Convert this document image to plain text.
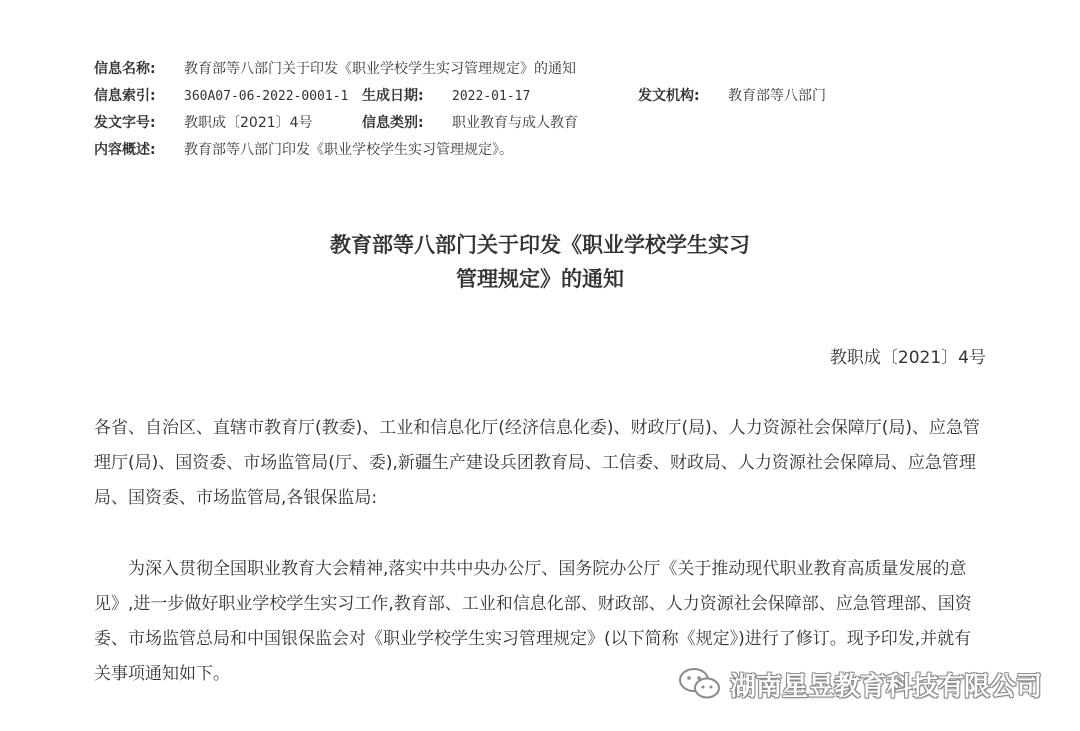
信息名称: 教育部等八部门关于印发《职业学校学生实习管理规定》的通知
信息索引: 360A07-06-2022-0001-1 生成日期: 2022-01-17	发文机构: 教育部等八部门
发文字号: 教职成〔2021〕4号	信息类别: 职业教育与成人教育
内容概述: 教育部等八部门印发《职业学校学生实习管理规定》。
教育部等八部门关于印发《职业学校学生实习
管理规定》的通知
教职成〔2021〕4号

各省、自治区、直辖市教育厅(教委)、工业和信息化厅(经济信息化委)、财政厅(局)、人力资源社会保障厅(局)、应急管理厅(局)、国资委、市场监管局(厅、委),新疆生产建设兵团教育局、工信委、财政局、人力资源社会保障局、应急管理局、国资委、市场监管局,各银保监局:

为深入贯彻全国职业教育大会精神,落实中共中央办公厅、国务院办公厅《关于推动现代职业教育高质量发展的意见》,进一步做好职业学校学生实习工作,教育部、工业和信息化部、财政部、人力资源社会保障部、应急管理部、国资委、市场监管总局和中国银保监会对《职业学校学生实习管理规定》(以下简称《规定》)进行了修订。现予印发,并就有关事项通知如下。	湖南星昱教育科技有限公司
